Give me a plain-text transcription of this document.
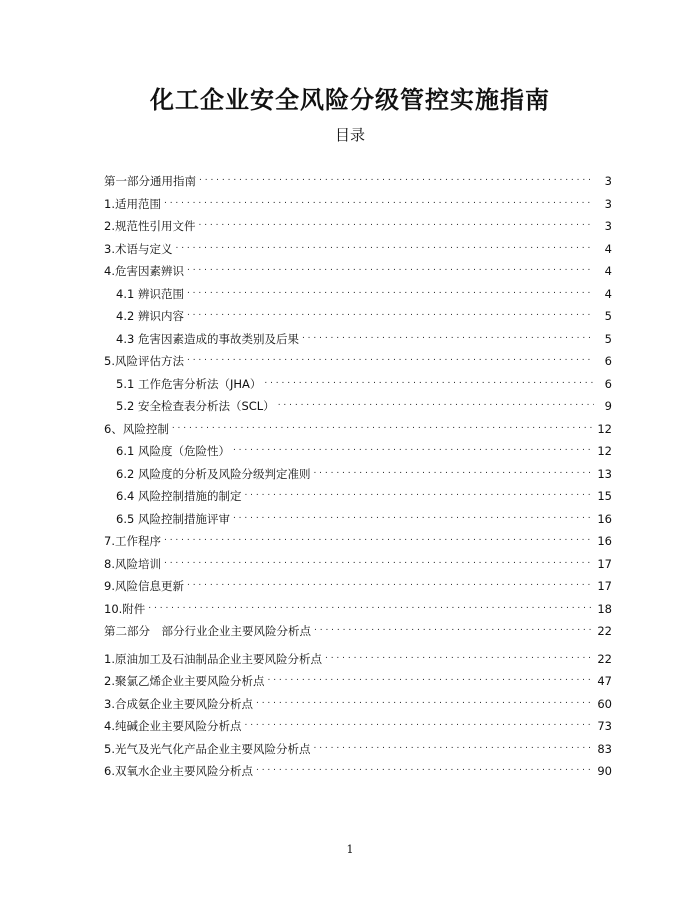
化工企业安全风险分级管控实施指南
目录
第一部分通用指南 . . .	3
1.适用范围 . . .	3
2.规范性引用文件 . . .	3
3.术语与定义 . . .	4
4.危害因素辨识 . . .	4
4.1 辨识范围 . . .	4
4.2 辨识内容 . . .	5
4.3 危害因素造成的事故类别及后果 . . .	5
5.风险评估方法 . . .	6
5.1 工作危害分析法（JHA） . . .	6
5.2 安全检查表分析法（SCL） . . .	9
6、风险控制 . . .	12
6.1 风险度（危险性） . . .	12
6.2 风险度的分析及风险分级判定准则 . . .	13
6.4 风险控制措施的制定 . . .	15
6.5 风险控制措施评审 . . .	16
7.工作程序 . . .	16
8.风险培训 . . .	17
9.风险信息更新 . . .	17
10.附件 . . .	18
第二部分　部分行业企业主要风险分析点 . . .	22
1.原油加工及石油制品企业主要风险分析点 . . .	22
2.聚氯乙烯企业主要风险分析点 . . .	47
3.合成氨企业主要风险分析点 . . .	60
4.纯碱企业主要风险分析点 . . .	73
5.光气及光气化产品企业主要风险分析点 . . .	83
6.双氧水企业主要风险分析点 . . .	90
1
